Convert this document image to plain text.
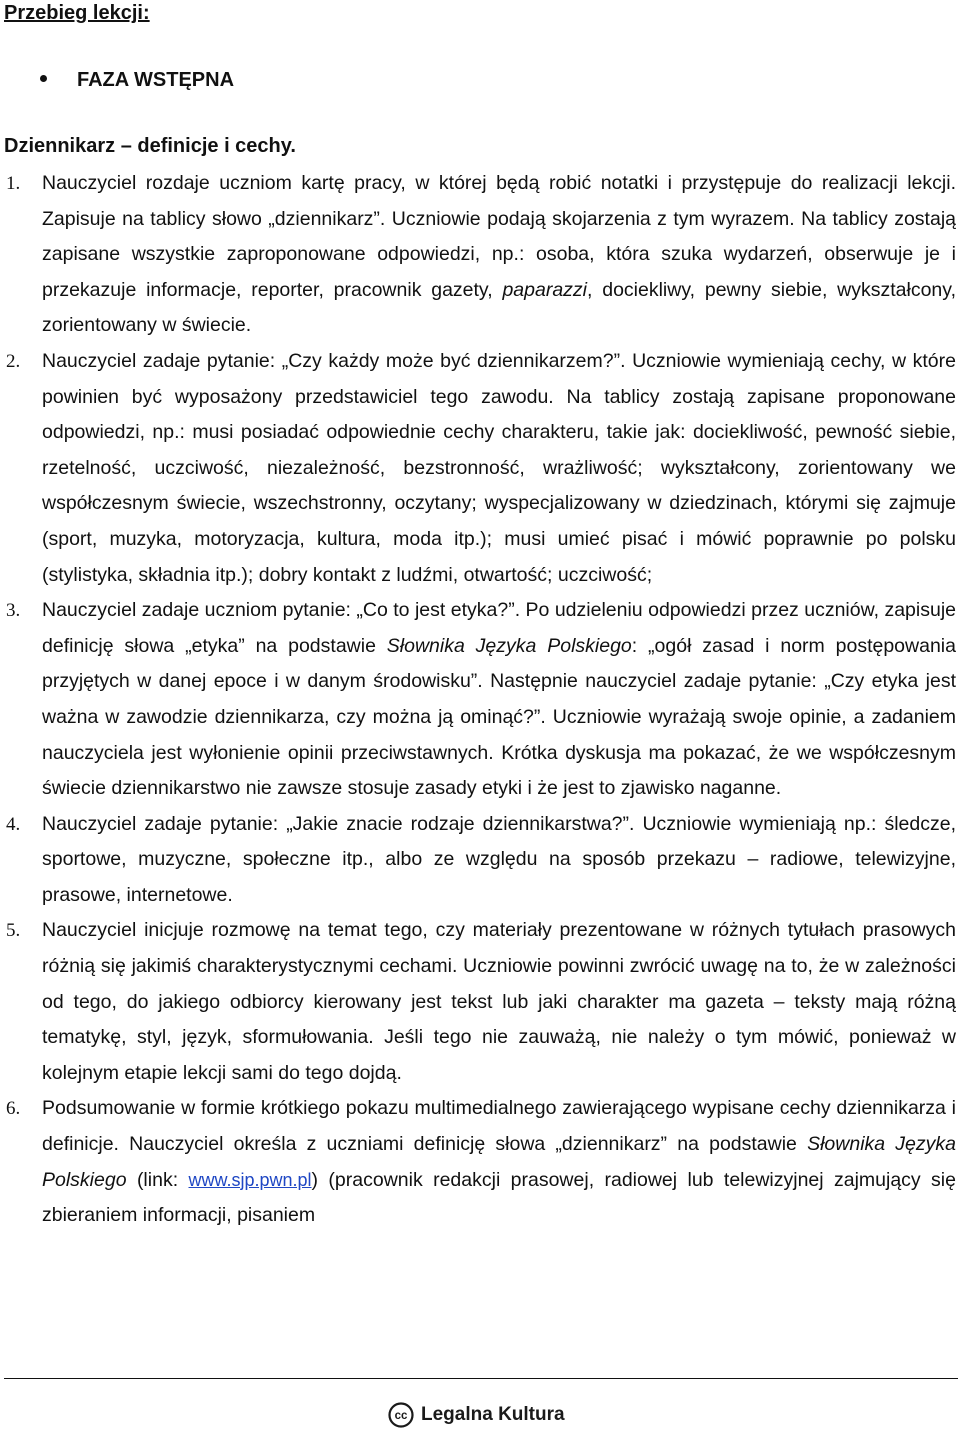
Przebieg lekcji:
FAZA WSTĘPNA
Dziennikarz – definicje i cechy.
1. Nauczyciel rozdaje uczniom kartę pracy, w której będą robić notatki i przystępuje do realizacji lekcji. Zapisuje na tablicy słowo „dziennikarz”. Uczniowie podają skojarzenia z tym wyrazem. Na tablicy zostają zapisane wszystkie zaproponowane odpowiedzi, np.: osoba, która szuka wydarzeń, obserwuje je i przekazuje informacje, reporter, pracownik gazety, paparazzi, dociekliwy, pewny siebie, wykształcony, zorientowany w świecie.
2. Nauczyciel zadaje pytanie: „Czy każdy może być dziennikarzem?”. Uczniowie wymieniają cechy, w które powinien być wyposażony przedstawiciel tego zawodu. Na tablicy zostają zapisane proponowane odpowiedzi, np.: musi posiadać odpowiednie cechy charakteru, takie jak: dociekliwość, pewność siebie, rzetelność, uczciwość, niezależność, bezstronność, wrażliwość; wykształcony, zorientowany we współczesnym świecie, wszechstronny, oczytany; wyspecjalizowany w dziedzinach, którymi się zajmuje (sport, muzyka, motoryzacja, kultura, moda itp.); musi umieć pisać i mówić poprawnie po polsku (stylistyka, składnia itp.); dobry kontakt z ludźmi, otwartość; uczciwość;
3. Nauczyciel zadaje uczniom pytanie: „Co to jest etyka?”. Po udzieleniu odpowiedzi przez uczniów, zapisuje definicję słowa „etyka” na podstawie Słownika Języka Polskiego: „ogół zasad i norm postępowania przyjętych w danej epoce i w danym środowisku”. Następnie nauczyciel zadaje pytanie: „Czy etyka jest ważna w zawodzie dziennikarza, czy można ją ominąć?”. Uczniowie wyrażają swoje opinie, a zadaniem nauczyciela jest wyłonienie opinii przeciwstawnych. Krótka dyskusja ma pokazać, że we współczesnym świecie dziennikarstwo nie zawsze stosuje zasady etyki i że jest to zjawisko naganne.
4. Nauczyciel zadaje pytanie: „Jakie znacie rodzaje dziennikarstwa?”. Uczniowie wymieniają np.: śledcze, sportowe, muzyczne, społeczne itp., albo ze względu na sposób przekazu – radiowe, telewizyjne, prasowe, internetowe.
5. Nauczyciel inicjuje rozmowę na temat tego, czy materiały prezentowane w różnych tytułach prasowych różnią się jakimiś charakterystycznymi cechami. Uczniowie powinni zwrócić uwagę na to, że w zależności od tego, do jakiego odbiorcy kierowany jest tekst lub jaki charakter ma gazeta – teksty mają różną tematykę, styl, język, sformułowania. Jeśli tego nie zauważą, nie należy o tym mówić, ponieważ w kolejnym etapie lekcji sami do tego dojdą.
6. Podsumowanie w formie krótkiego pokazu multimedialnego zawierającego wypisane cechy dziennikarza i definicje. Nauczyciel określa z uczniami definicję słowa „dziennikarz” na podstawie Słownika Języka Polskiego (link: www.sjp.pwn.pl) (pracownik redakcji prasowej, radiowej lub telewizyjnej zajmujący się zbieraniem informacji, pisaniem
cc Legalna Kultura
